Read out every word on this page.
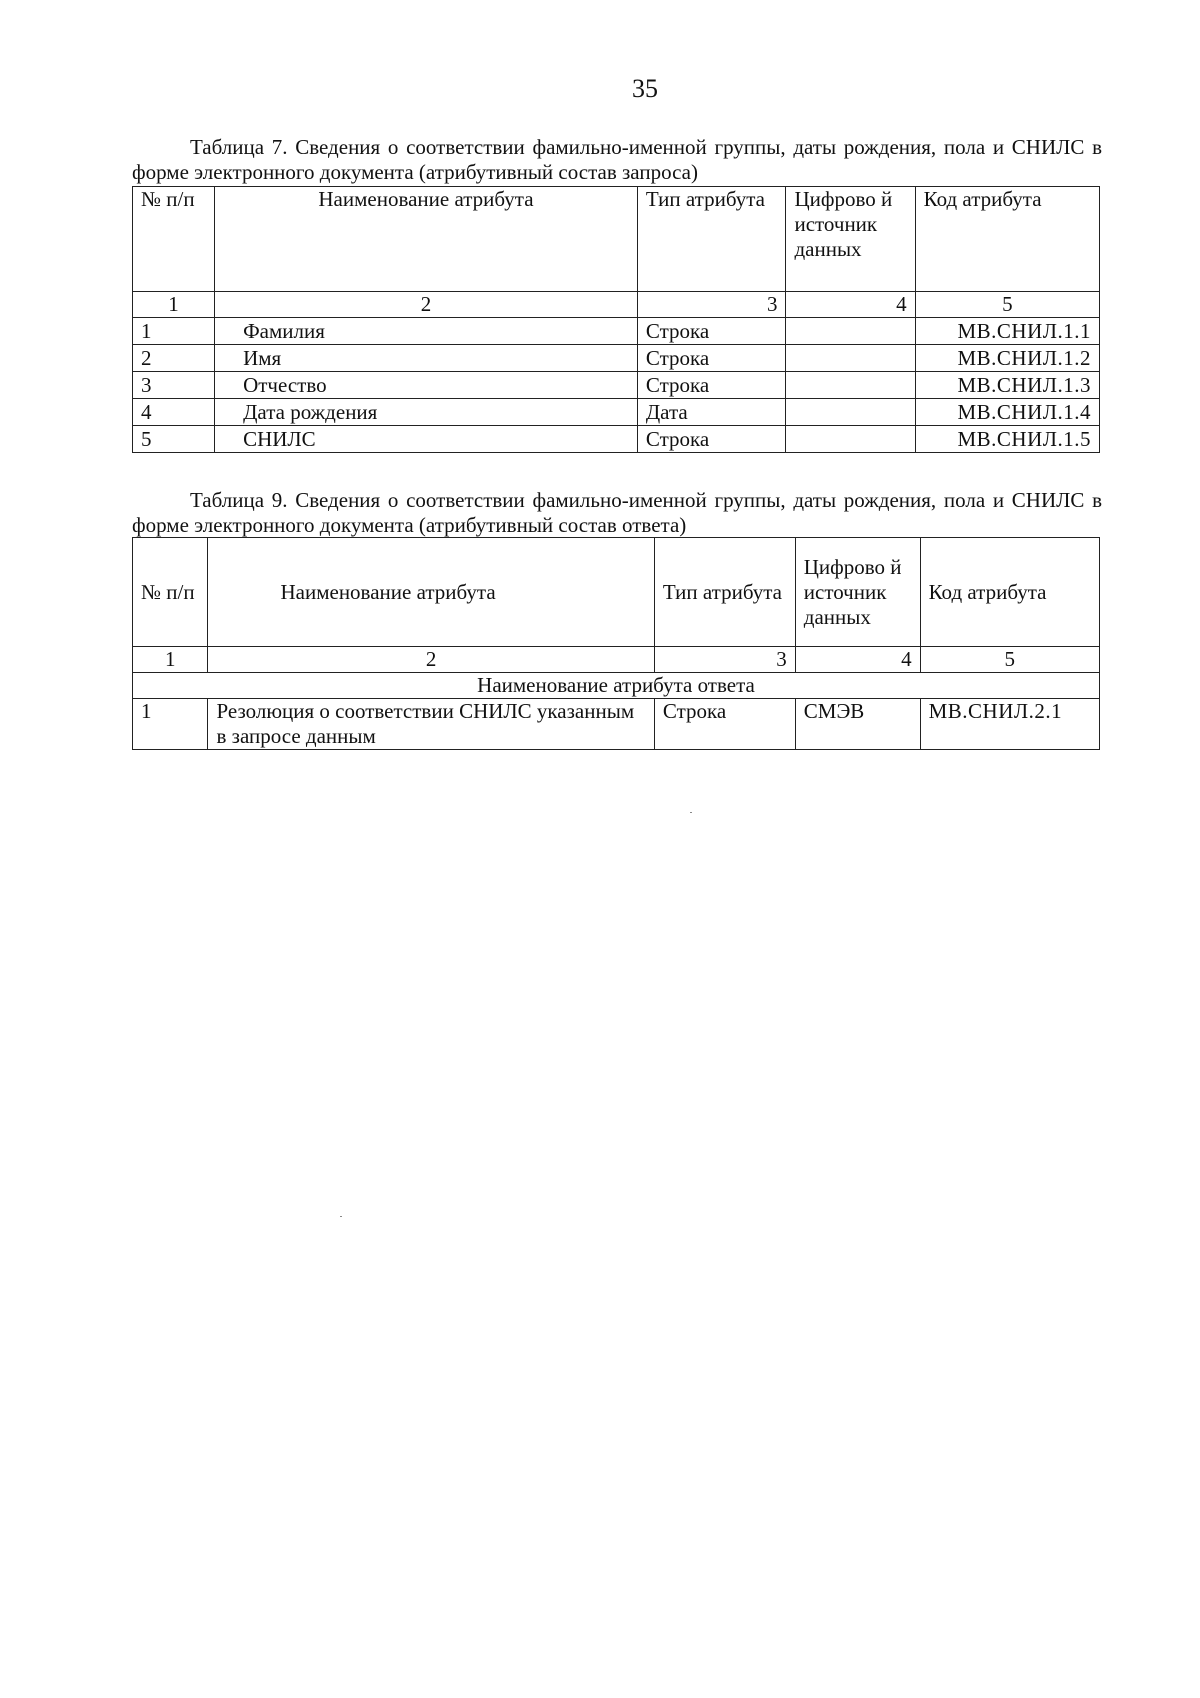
35
Таблица 7. Сведения о соответствии фамильно-именной группы, даты рождения, пола и СНИЛС в форме электронного документа (атрибутивный состав запроса)
№ п/п	Наименование атрибута	Тип атрибута	Цифрово й источник данных	Код атрибута
1	2	3	4	5
1	Фамилия	Строка		МВ.СНИЛ.1.1
2	Имя	Строка		МВ.СНИЛ.1.2
3	Отчество	Строка		МВ.СНИЛ.1.3
4	Дата рождения	Дата		МВ.СНИЛ.1.4
5	СНИЛС	Строка		МВ.СНИЛ.1.5
Таблица 9. Сведения о соответствии фамильно-именной группы, даты рождения, пола и СНИЛС в форме электронного документа (атрибутивный состав ответа)
№ п/п	Наименование атрибута	Тип атрибута	Цифрово й источник данных	Код атрибута
1	2	3	4	5
Наименование атрибута ответа				
1	Резолюция о соответствии СНИЛС указанным в запросе данным	Строка	СМЭВ	МВ.СНИЛ.2.1
